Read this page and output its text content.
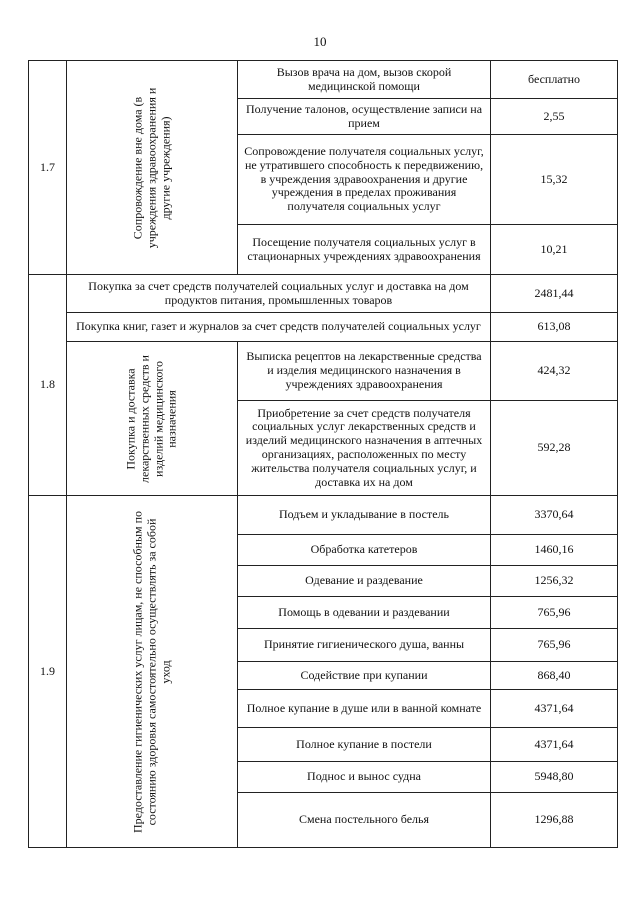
10
1.7	Сопровождение вне дома (в учреждения здравоохранения и другие учреждения)	Вызов врача на дом, вызов скорой медицинской помощи	бесплатно
		Получение талонов, осуществление записи на прием	2,55
		Сопровождение получателя социальных услуг, не утратившего способность к передвижению, в учреждения здравоохранения и другие учреждения в пределах проживания получателя социальных услуг	15,32
		Посещение получателя социальных услуг в стационарных учреждениях здравоохранения	10,21
1.8	Покупка за счет средств получателей социальных услуг и доставка на дом продуктов питания, промышленных товаров		2481,44
	Покупка книг, газет и журналов за счет средств получателей социальных услуг		613,08

	Покупка и доставка лекарственных средств и изделий медицинского назначения	Выписка рецептов на лекарственные средства и изделия медицинского назначения в учреждениях здравоохранения	424,32
		Приобретение за счет средств получателя социальных услуг лекарственных средств и изделий медицинского назначения в аптечных организациях, расположенных по месту жительства получателя социальных услуг, и доставка их на дом	592,28
1.9	Предоставление гигиенических услуг лицам, не способным по состоянию здоровья самостоятельно осуществлять за собой уход	Подъем и укладывание в постель	3370,64
		Обработка катетеров	1460,16
		Одевание и раздевание	1256,32
		Помощь в одевании и раздевании	765,96
		Принятие гигиенического душа, ванны	765,96
		Содействие при купании	868,40
		Полное купание в душе или в ванной комнате	4371,64
		Полное купание в постели	4371,64
		Поднос и вынос судна	5948,80
		Смена постельного белья	1296,88
